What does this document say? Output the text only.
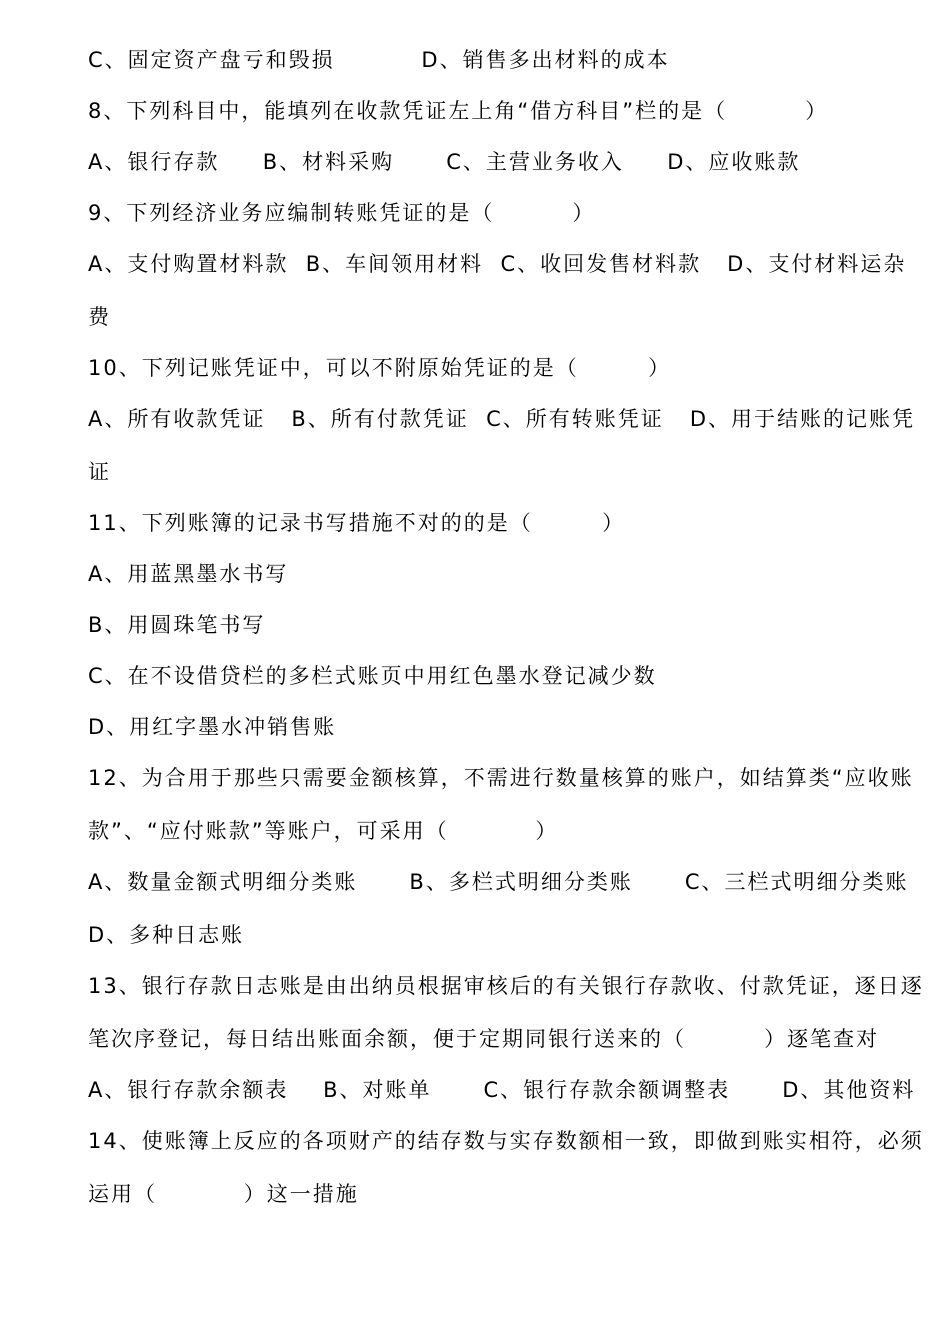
C、固定资产盘亏和毁损          D、销售多出材料的成本
8、下列科目中，能填列在收款凭证左上角“借方科目”栏的是（         ）
A、银行存款     B、材料采购      C、主营业务收入     D、应收账款
9、下列经济业务应编制转账凭证的是（         ）
A、支付购置材料款  B、车间领用材料  C、收回发售材料款   D、支付材料运杂
费
10、下列记账凭证中，可以不附原始凭证的是（        ）
A、所有收款凭证   B、所有付款凭证  C、所有转账凭证   D、用于结账的记账凭
证
11、下列账簿的记录书写措施不对的的是（        ）
A、用蓝黑墨水书写
B、用圆珠笔书写
C、在不设借贷栏的多栏式账页中用红色墨水登记减少数
D、用红字墨水冲销售账
12、为合用于那些只需要金额核算，不需进行数量核算的账户，如结算类“应收账
款”、“应付账款”等账户，可采用（          ）
A、数量金额式明细分类账      B、多栏式明细分类账      C、三栏式明细分类账
D、多种日志账
13、银行存款日志账是由出纳员根据审核后的有关银行存款收、付款凭证，逐日逐
笔次序登记，每日结出账面余额，便于定期同银行送来的（         ）逐笔查对
A、银行存款余额表    B、对账单      C、银行存款余额调整表      D、其他资料
14、使账簿上反应的各项财产的结存数与实存数额相一致，即做到账实相符，必须
运用（          ）这一措施
